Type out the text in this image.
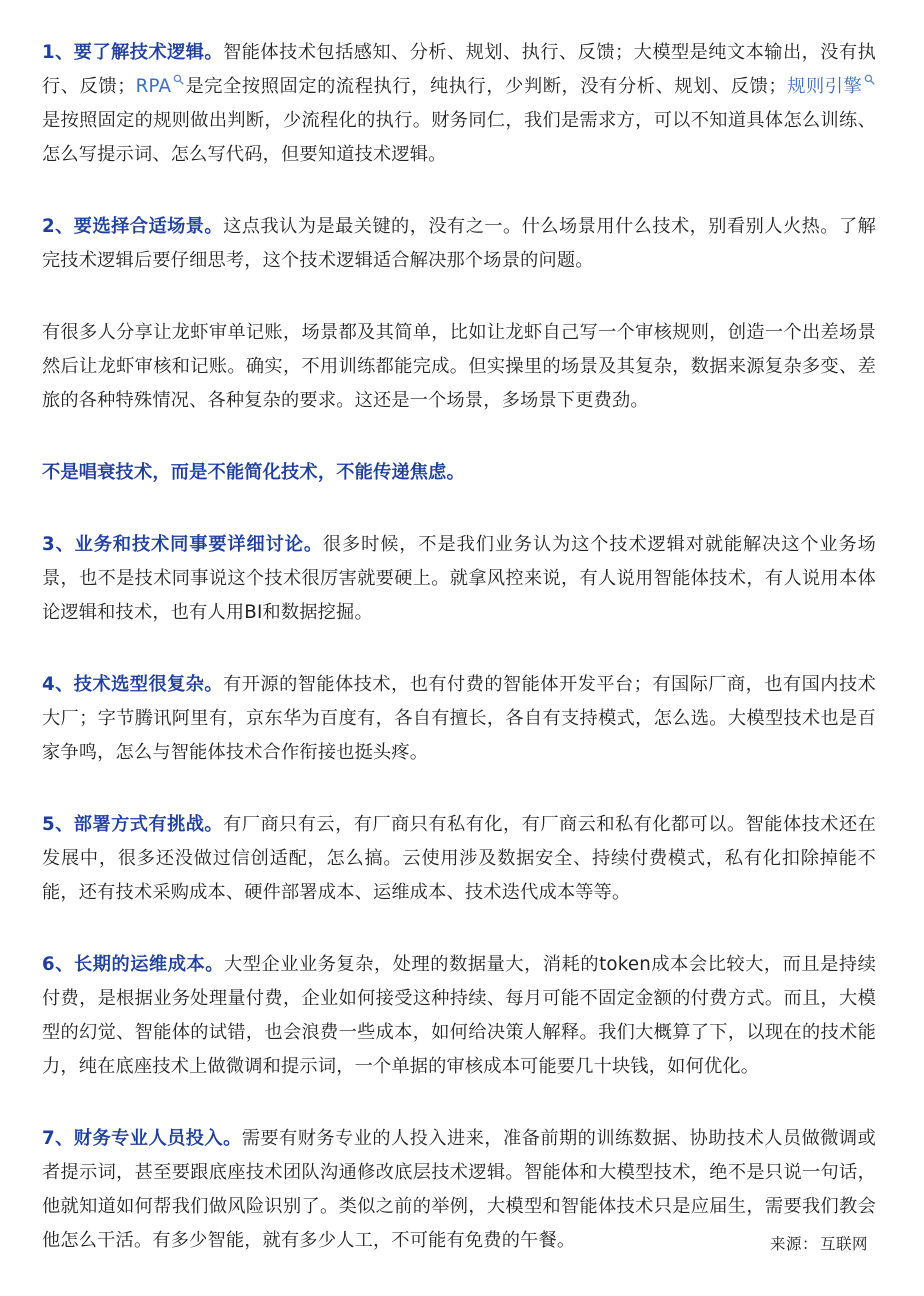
1、要了解技术逻辑。智能体技术包括感知、分析、规划、执行、反馈；大模型是纯文本输出，没有执行、反馈；RPA 是完全按照固定的流程执行，纯执行，少判断，没有分析、规划、反馈；规则引擎
是按照固定的规则做出判断，少流程化的执行。财务同仁，我们是需求方，可以不知道具体怎么训练、怎么写提示词、怎么写代码，但要知道技术逻辑。

2、要选择合适场景。这点我认为是最关键的，没有之一。什么场景用什么技术，别看别人火热。了解完技术逻辑后要仔细思考，这个技术逻辑适合解决那个场景的问题。

有很多人分享让龙虾审单记账，场景都及其简单，比如让龙虾自己写一个审核规则，创造一个出差场景然后让龙虾审核和记账。确实，不用训练都能完成。但实操里的场景及其复杂，数据来源复杂多变、差旅的各种特殊情况、各种复杂的要求。这还是一个场景，多场景下更费劲。

不是唱衰技术，而是不能简化技术，不能传递焦虑。

3、业务和技术同事要详细讨论。很多时候，不是我们业务认为这个技术逻辑对就能解决这个业务场景，也不是技术同事说这个技术很厉害就要硬上。就拿风控来说，有人说用智能体技术，有人说用本体论逻辑和技术，也有人用BI和数据挖掘。

4、技术选型很复杂。有开源的智能体技术，也有付费的智能体开发平台；有国际厂商，也有国内技术大厂；字节腾讯阿里有，京东华为百度有，各自有擅长，各自有支持模式，怎么选。大模型技术也是百家争鸣，怎么与智能体技术合作衔接也挺头疼。

5、部署方式有挑战。有厂商只有云，有厂商只有私有化，有厂商云和私有化都可以。智能体技术还在发展中，很多还没做过信创适配，怎么搞。云使用涉及数据安全、持续付费模式，私有化扣除掉能不能，还有技术采购成本、硬件部署成本、运维成本、技术迭代成本等等。

6、长期的运维成本。大型企业业务复杂，处理的数据量大，消耗的token成本会比较大，而且是持续付费，是根据业务处理量付费，企业如何接受这种持续、每月可能不固定金额的付费方式。而且，大模型的幻觉、智能体的试错，也会浪费一些成本，如何给决策人解释。我们大概算了下，以现在的技术能力，纯在底座技术上做微调和提示词，一个单据的审核成本可能要几十块钱，如何优化。

7、财务专业人员投入。需要有财务专业的人投入进来，准备前期的训练数据、协助技术人员做微调或者提示词，甚至要跟底座技术团队沟通修改底层技术逻辑。智能体和大模型技术，绝不是只说一句话，他就知道如何帮我们做风险识别了。类似之前的举例，大模型和智能体技术只是应届生，需要我们教会他怎么干活。有多少智能，就有多少人工，不可能有免费的午餐。	来源： 互联网
